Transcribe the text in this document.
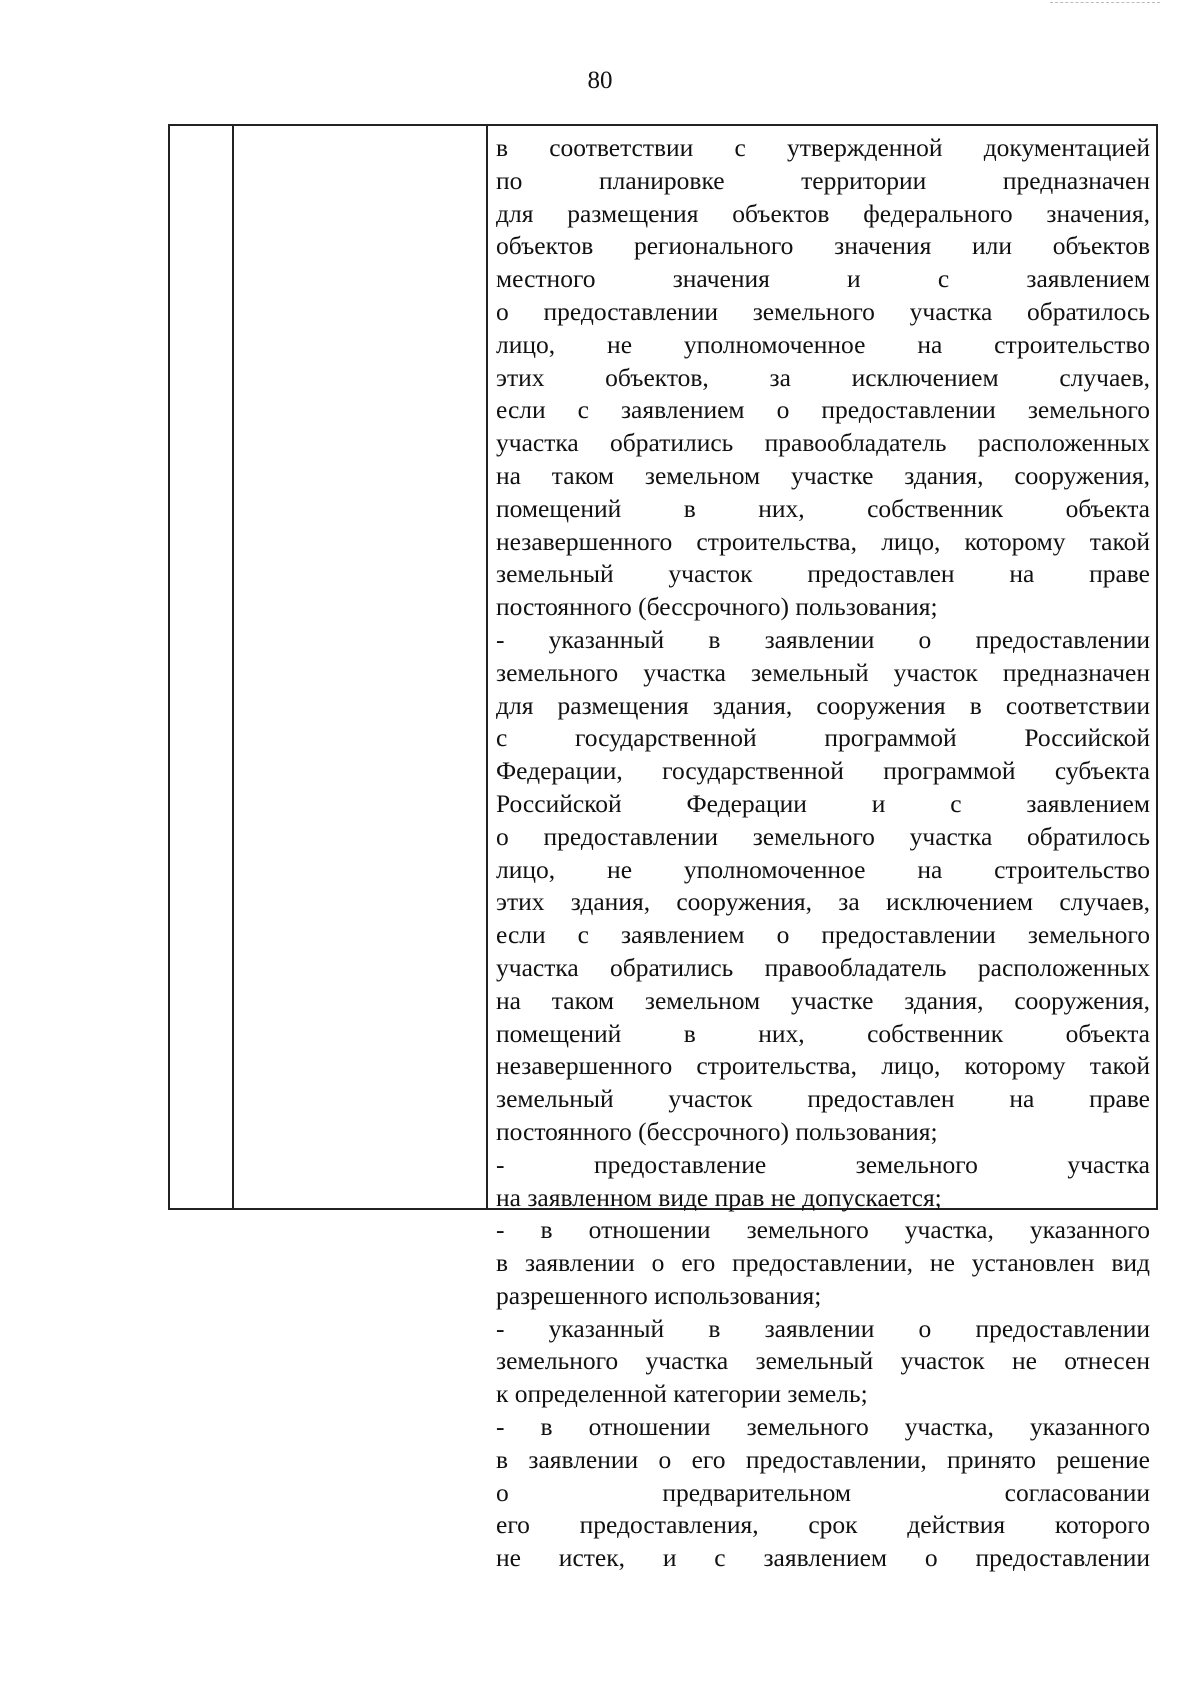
80
в соответствии с утвержденной документацией
по планировке территории предназначен
для размещения объектов федерального значения,
объектов регионального значения или объектов
местного значения и с заявлением
о предоставлении земельного участка обратилось
лицо, не уполномоченное на строительство
этих объектов, за исключением случаев,
если с заявлением о предоставлении земельного
участка обратились правообладатель расположенных
на таком земельном участке здания, сооружения,
помещений в них, собственник объекта
незавершенного строительства, лицо, которому такой
земельный участок предоставлен на праве
постоянного (бессрочного) пользования;
- указанный в заявлении о предоставлении
земельного участка земельный участок предназначен
для размещения здания, сооружения в соответствии
с государственной программой Российской
Федерации, государственной программой субъекта
Российской Федерации и с заявлением
о предоставлении земельного участка обратилось
лицо, не уполномоченное на строительство
этих здания, сооружения, за исключением случаев,
если с заявлением о предоставлении земельного
участка обратились правообладатель расположенных
на таком земельном участке здания, сооружения,
помещений в них, собственник объекта
незавершенного строительства, лицо, которому такой
земельный участок предоставлен на праве
постоянного (бессрочного) пользования;
- предоставление земельного участка
на заявленном виде прав не допускается;
- в отношении земельного участка, указанного
в заявлении о его предоставлении, не установлен вид
разрешенного использования;
- указанный в заявлении о предоставлении
земельного участка земельный участок не отнесен
к определенной категории земель;
- в отношении земельного участка, указанного
в заявлении о его предоставлении, принято решение
о предварительном согласовании
его предоставления, срок действия которого
не истек, и с заявлением о предоставлении
